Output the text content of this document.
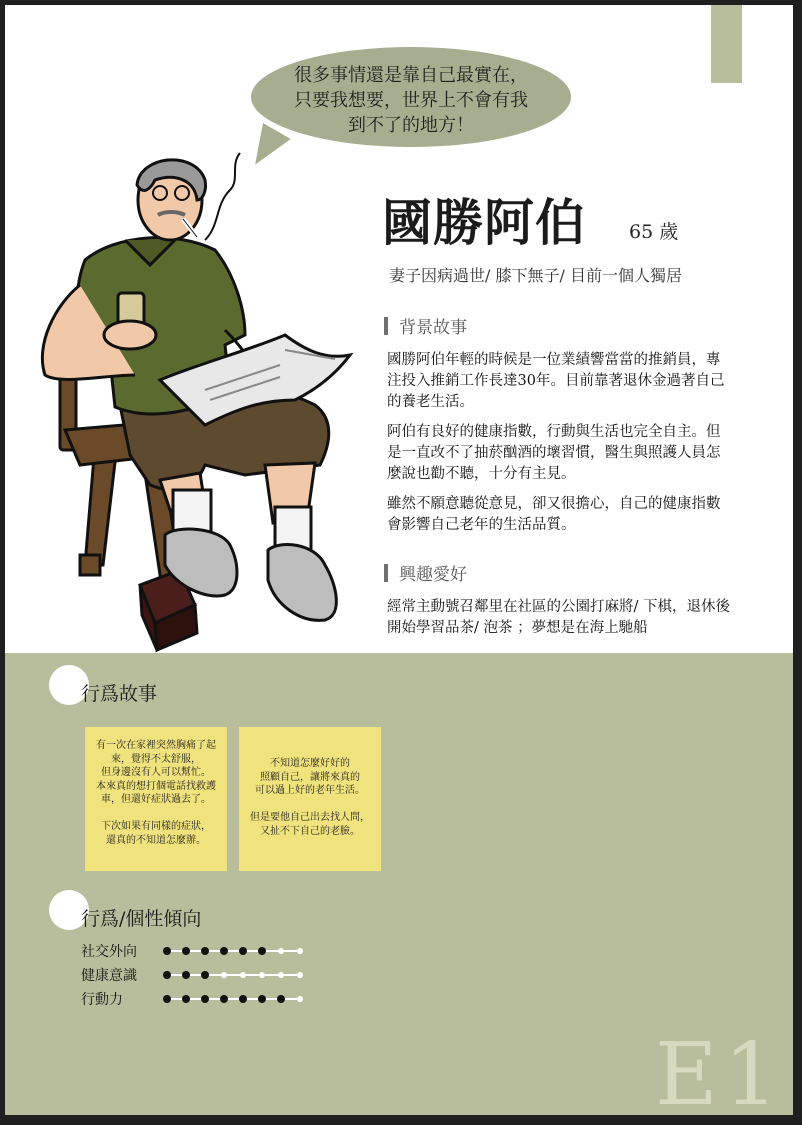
很多事情還是靠自己最實在，
只要我想要，世界上不會有我
到不了的地方！
國勝阿伯 65 歲
妻子因病過世/ 膝下無子/ 目前一個人獨居
背景故事
國勝阿伯年輕的時候是一位業績響當當的推銷員，專注投入推銷工作長達30年。目前靠著退休金過著自己的養老生活。
阿伯有良好的健康指數，行動與生活也完全自主。但是一直改不了抽菸酗酒的壞習慣，醫生與照護人員怎麼說也勸不聽，十分有主見。
雖然不願意聽從意見，卻又很擔心，自己的健康指數會影響自己老年的生活品質。
興趣愛好
經常主動號召鄰里在社區的公園打麻將/ 下棋，退休後開始學習品茶/ 泡茶 ；夢想是在海上馳船
行爲故事
有一次在家裡突然胸痛了起
來，覺得不太舒服，
但身邊沒有人可以幫忙。
本來真的想打個電話找救護
車，但還好症狀過去了。

下次如果有同樣的症狀，
還真的不知道怎麼辦。
不知道怎麼好好的
照顧自己，讓將來真的
可以過上好的老年生活。

但是要他自己出去找人問，
又扯不下自己的老臉。
行爲/個性傾向
社交外向
健康意識
行動力
E1
